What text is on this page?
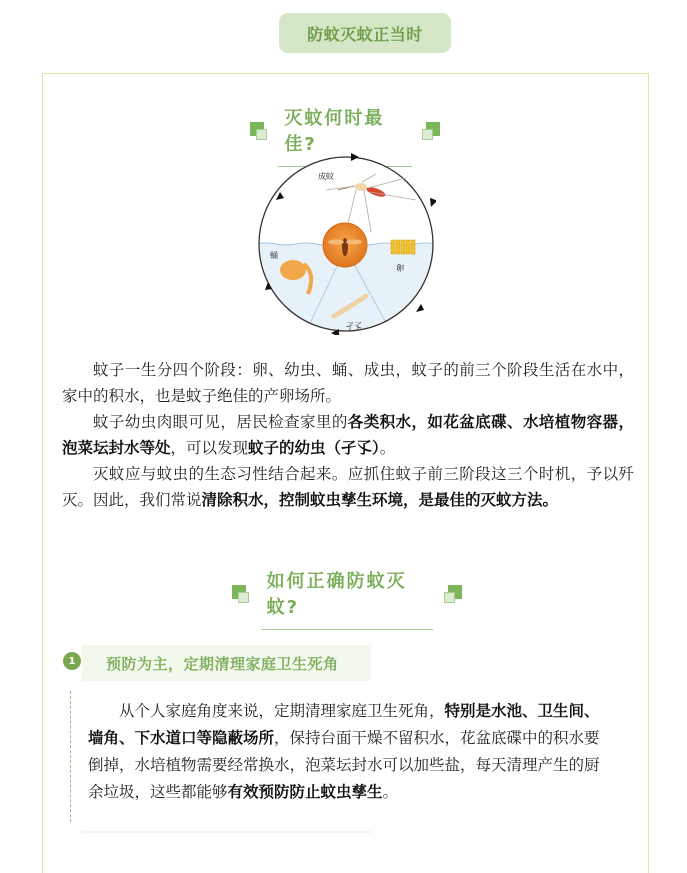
防蚊灭蚊正当时
灭蚊何时最佳?
成蚊
卵
蛹
孑孓
蚊子一生分四个阶段：卵、幼虫、蛹、成虫，蚊子的前三个阶段生活在水中，家中的积水，也是蚊子绝佳的产卵场所。
蚊子幼虫肉眼可见，居民检查家里的各类积水，如花盆底碟、水培植物容器，泡菜坛封水等处，可以发现蚊子的幼虫（孑孓）。
灭蚊应与蚊虫的生态习性结合起来。应抓住蚊子前三阶段这三个时机，予以歼灭。因此，我们常说清除积水，控制蚊虫孳生环境，是最佳的灭蚊方法。
如何正确防蚊灭蚊?
预防为主，定期清理家庭卫生死角
1
从个人家庭角度来说，定期清理家庭卫生死角，特别是水池、卫生间、墙角、下水道口等隐蔽场所，保持台面干燥不留积水，花盆底碟中的积水要倒掉，水培植物需要经常换水，泡菜坛封水可以加些盐，每天清理产生的厨余垃圾，这些都能够有效预防防止蚊虫孳生。
